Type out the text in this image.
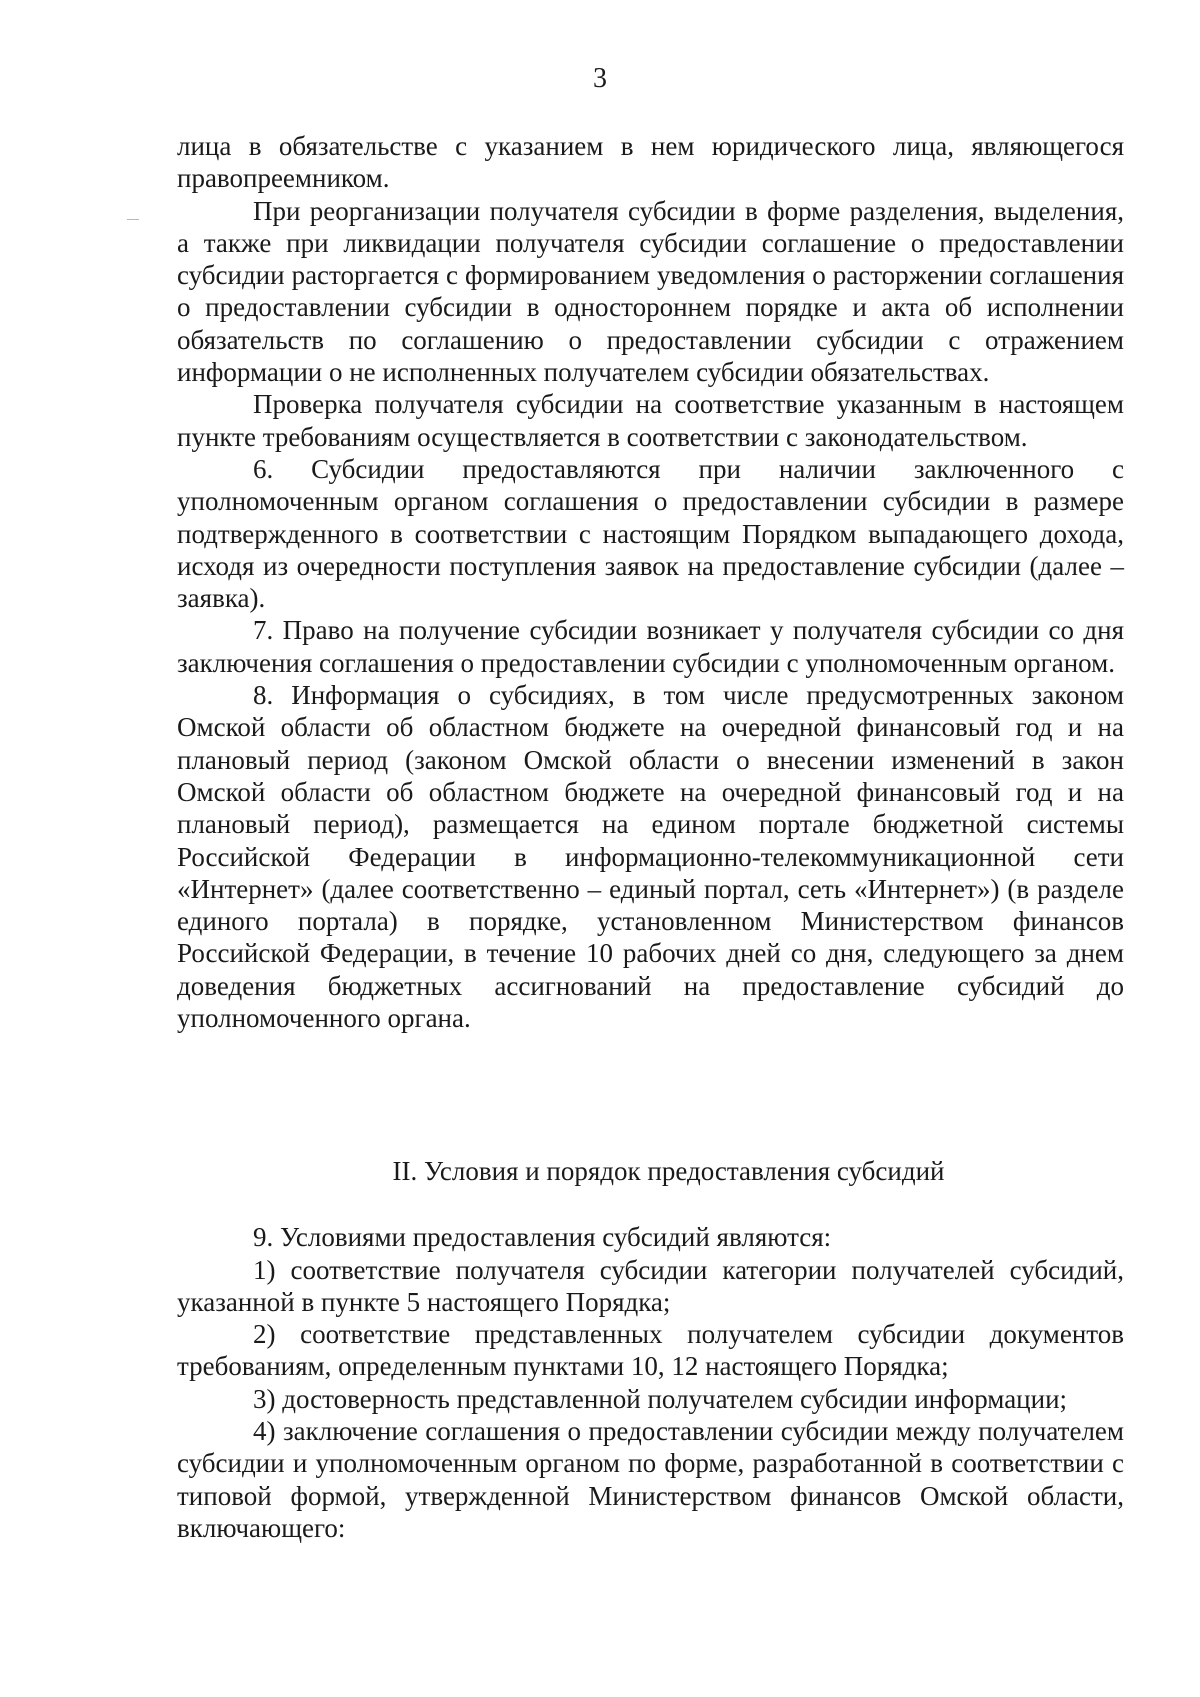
3

лица в обязательстве с указанием в нем юридического лица, являющегося правопреемником.

При реорганизации получателя субсидии в форме разделения, выделения, а также при ликвидации получателя субсидии соглашение о предоставлении субсидии расторгается с формированием уведомления о расторжении соглашения о предоставлении субсидии в одностороннем порядке и акта об исполнении обязательств по соглашению о предоставлении субсидии с отражением информации о не исполненных получателем субсидии обязательствах.

Проверка получателя субсидии на соответствие указанным в настоящем пункте требованиям осуществляется в соответствии с законодательством.

6. Субсидии предоставляются при наличии заключенного с уполномоченным органом соглашения о предоставлении субсидии в размере подтвержденного в соответствии с настоящим Порядком выпадающего дохода, исходя из очередности поступления заявок на предоставление субсидии (далее – заявка).

7. Право на получение субсидии возникает у получателя субсидии со дня заключения соглашения о предоставлении субсидии с уполномоченным органом.

8. Информация о субсидиях, в том числе предусмотренных законом Омской области об областном бюджете на очередной финансовый год и на плановый период (законом Омской области о внесении изменений в закон Омской области об областном бюджете на очередной финансовый год и на плановый период), размещается на едином портале бюджетной системы Российской Федерации в информационно-телекоммуникационной сети «Интернет» (далее соответственно – единый портал, сеть «Интернет») (в разделе единого портала) в порядке, установленном Министерством финансов Российской Федерации, в течение 10 рабочих дней со дня, следующего за днем доведения бюджетных ассигнований на предоставление субсидий до уполномоченного органа.

II. Условия и порядок предоставления субсидий

9. Условиями предоставления субсидий являются:

1) соответствие получателя субсидии категории получателей субсидий, указанной в пункте 5 настоящего Порядка;

2) соответствие представленных получателем субсидии документов требованиям, определенным пунктами 10, 12 настоящего Порядка;

3) достоверность представленной получателем субсидии информации;

4) заключение соглашения о предоставлении субсидии между получателем субсидии и уполномоченным органом по форме, разработанной в соответствии с типовой формой, утвержденной Министерством финансов Омской области, включающего:
